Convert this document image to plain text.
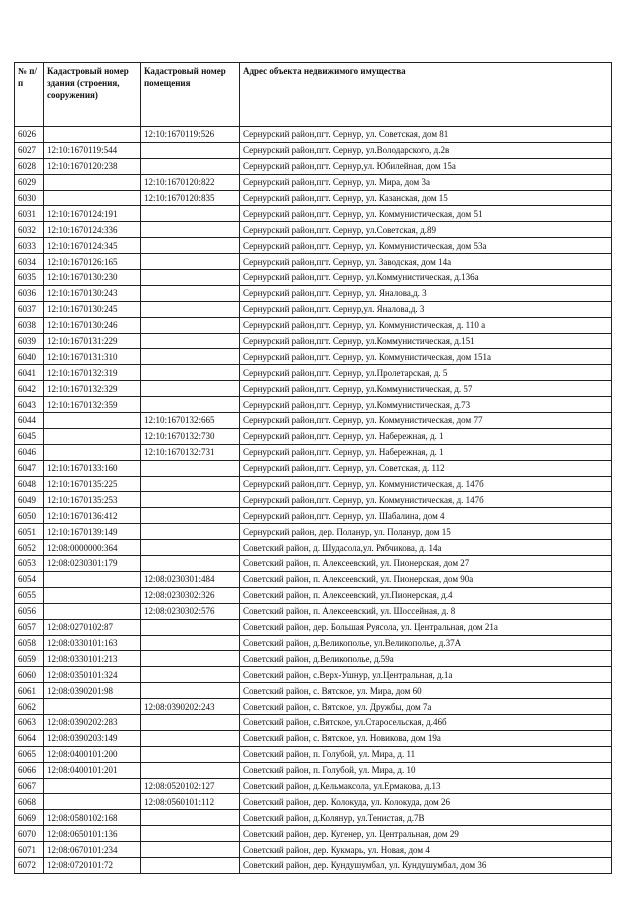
№ п/п	Кадастровый номер здания (строения, сооружения)	Кадастровый номер помещения	Адрес объекта недвижимого имущества
6026		12:10:1670119:526	Сернурский район,пгт. Сернур, ул. Советская, дом 81
6027	12:10:1670119:544		Сернурский район,пгт. Сернур, ул.Володарского, д.2в
6028	12:10:1670120:238		Сернурский район,пгт. Сернур,ул. Юбилейная, дом 15а
6029		12:10:1670120:822	Сернурский район,пгт. Сернур, ул. Мира, дом 3а
6030		12:10:1670120:835	Сернурский район,пгт. Сернур, ул. Казанская, дом 15
6031	12:10:1670124:191		Сернурский район,пгт. Сернур, ул. Коммунистическая, дом 51
6032	12:10:1670124:336		Сернурский район,пгт. Сернур, ул.Советская, д.89
6033	12:10:1670124:345		Сернурский район,пгт. Сернур, ул. Коммунистическая, дом 53а
6034	12:10:1670126:165		Сернурский район,пгт. Сернур, ул. Заводская, дом 14а
6035	12:10:1670130:230		Сернурский район,пгт. Сернур, ул.Коммунистическая, д.136а
6036	12:10:1670130:243		Сернурский район,пгт. Сернур, ул. Яналова,д. 3
6037	12:10:1670130:245		Сернурский район,пгт. Сернур,ул. Яналова,д. 3
6038	12:10:1670130:246		Сернурский район,пгт. Сернур, ул. Коммунистическая, д. 110 а
6039	12:10:1670131:229		Сернурский район,пгт. Сернур, ул.Коммунистическая, д.151
6040	12:10:1670131:310		Сернурский район,пгт. Сернур, ул. Коммунистическая, дом 151а
6041	12:10:1670132:319		Сернурский район,пгт. Сернур, ул.Пролетарская, д. 5
6042	12:10:1670132:329		Сернурский район,пгт. Сернур, ул.Коммунистическая, д. 57
6043	12:10:1670132:359		Сернурский район,пгт. Сернур, ул.Коммунистическая, д.73
6044		12:10:1670132:665	Сернурский район,пгт. Сернур, ул. Коммунистическая, дом 77
6045		12:10:1670132:730	Сернурский район,пгт. Сернур, ул. Набережная, д. 1
6046		12:10:1670132:731	Сернурский район,пгт. Сернур, ул. Набережная, д. 1
6047	12:10:1670133:160		Сернурский район,пгт. Сернур, ул. Советская, д. 112
6048	12:10:1670135:225		Сернурский район,пгт. Сернур, ул. Коммунистическая, д. 147б
6049	12:10:1670135:253		Сернурский район,пгт. Сернур, ул. Коммунистическая, д. 147б
6050	12:10:1670136:412		Сернурский район,пгт. Сернур, ул. Шабалина, дом 4
6051	12:10:1670139:149		Сернурский район, дер. Поланур, ул. Поланур, дом 15
6052	12:08:0000000:364		Советский район, д. Шудасола,ул. Рябчикова, д. 14а
6053	12:08:0230301:179		Советский район, п. Алексеевский, ул. Пионерская, дом 27
6054		12:08:0230301:484	Советский район, п. Алексеевский, ул. Пионерская, дом 90а
6055		12:08:0230302:326	Советский район, п. Алексеевский, ул.Пионерская, д.4
6056		12:08:0230302:576	Советский район, п. Алексеевский, ул. Шоссейная, д. 8
6057	12:08:0270102:87		Советский район, дер. Большая Руясола, ул. Центральная, дом 21а
6058	12:08:0330101:163		Советский район, д.Великополье, ул.Великополье, д.37А
6059	12:08:0330101:213		Советский район, д.Великополье, д.59а
6060	12:08:0350101:324		Советский район, с.Верх-Ушнур, ул.Центральная, д.1а
6061	12:08:0390201:98		Советский район, с. Вятское, ул. Мира, дом 60
6062		12:08:0390202:243	Советский район, с. Вятское, ул. Дружбы, дом 7а
6063	12:08:0390202:283		Советский район, с.Вятское, ул.Старосельская, д.46б
6064	12:08:0390203:149		Советский район, с. Вятское, ул. Новикова, дом 19а
6065	12:08:0400101:200		Советский район, п. Голубой, ул. Мира, д. 11
6066	12:08:0400101:201		Советский район, п. Голубой, ул. Мира, д. 10
6067		12:08:0520102:127	Советский район, д.Кельмаксола, ул.Ермакова, д.13
6068		12:08:0560101:112	Советский район, дер. Колокуда, ул. Колокуда, дом 26
6069	12:08:0580102:168		Советский район, д.Колянур, ул.Тенистая, д.7В
6070	12:08:0650101:136		Советский район, дер. Кугенер, ул. Центральная, дом 29
6071	12:08:0670101:234		Советский район, дер. Кукмарь, ул. Новая, дом 4
6072	12:08:0720101:72		Советский район, дер. Кундушумбал, ул. Кундушумбал, дом 36
